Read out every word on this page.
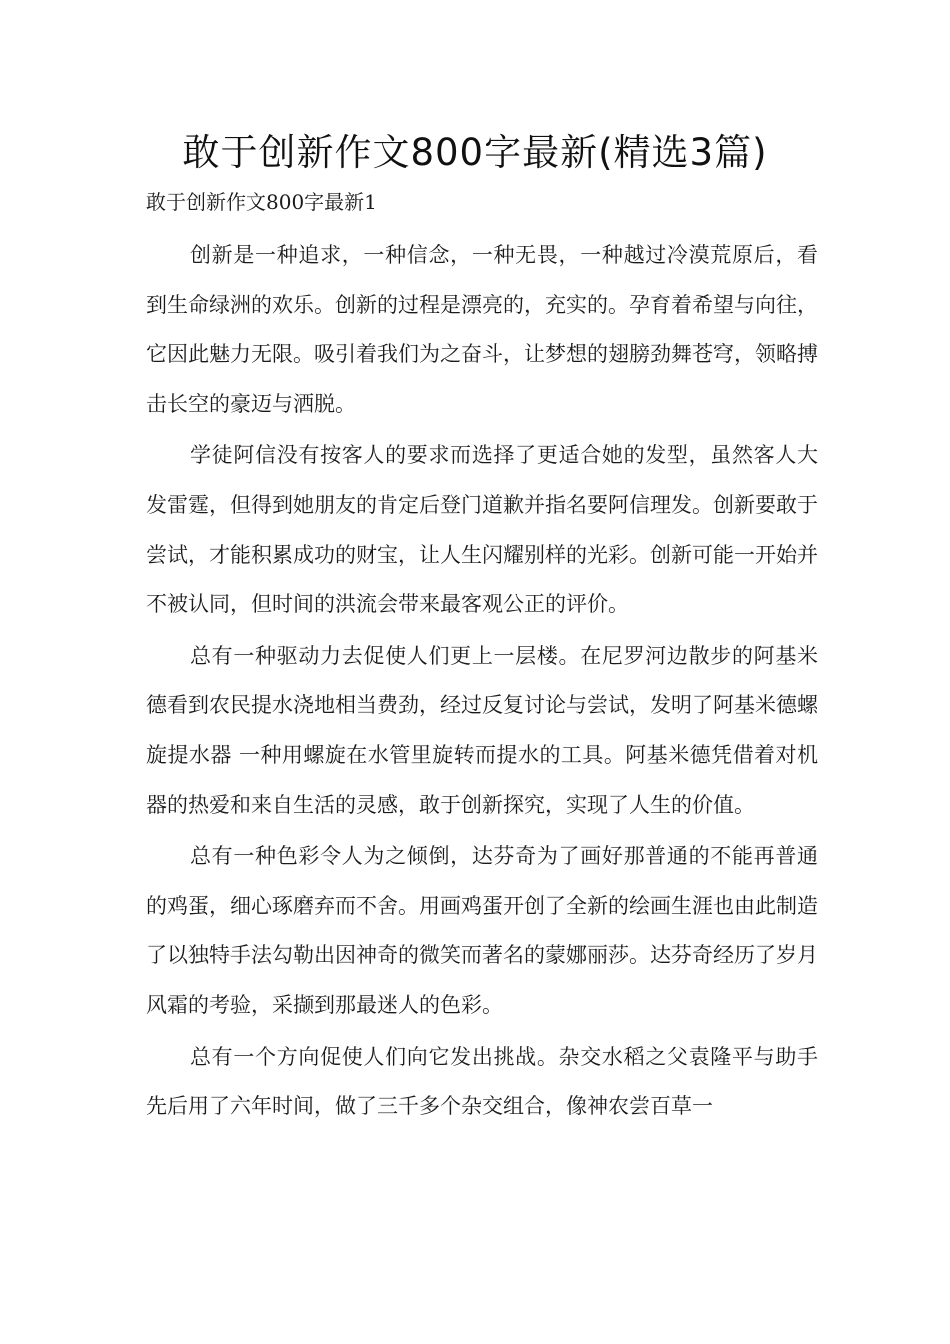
敢于创新作文800字最新(精选3篇)

敢于创新作文800字最新1

创新是一种追求，一种信念，一种无畏，一种越过冷漠荒原后，看到生命绿洲的欢乐。创新的过程是漂亮的，充实的。孕育着希望与向往，它因此魅力无限。吸引着我们为之奋斗，让梦想的翅膀劲舞苍穹，领略搏击长空的豪迈与洒脱。

学徒阿信没有按客人的要求而选择了更适合她的发型，虽然客人大发雷霆，但得到她朋友的肯定后登门道歉并指名要阿信理发。创新要敢于尝试，才能积累成功的财宝，让人生闪耀别样的光彩。创新可能一开始并不被认同，但时间的洪流会带来最客观公正的评价。

总有一种驱动力去促使人们更上一层楼。在尼罗河边散步的阿基米德看到农民提水浇地相当费劲，经过反复讨论与尝试，发明了阿基米德螺旋提水器 一种用螺旋在水管里旋转而提水的工具。阿基米德凭借着对机器的热爱和来自生活的灵感，敢于创新探究，实现了人生的价值。

总有一种色彩令人为之倾倒，达芬奇为了画好那普通的不能再普通的鸡蛋，细心琢磨弃而不舍。用画鸡蛋开创了全新的绘画生涯也由此制造了以独特手法勾勒出因神奇的微笑而著名的蒙娜丽莎。达芬奇经历了岁月风霜的考验，采撷到那最迷人的色彩。

总有一个方向促使人们向它发出挑战。杂交水稻之父袁隆平与助手先后用了六年时间，做了三千多个杂交组合，像神农尝百草一
